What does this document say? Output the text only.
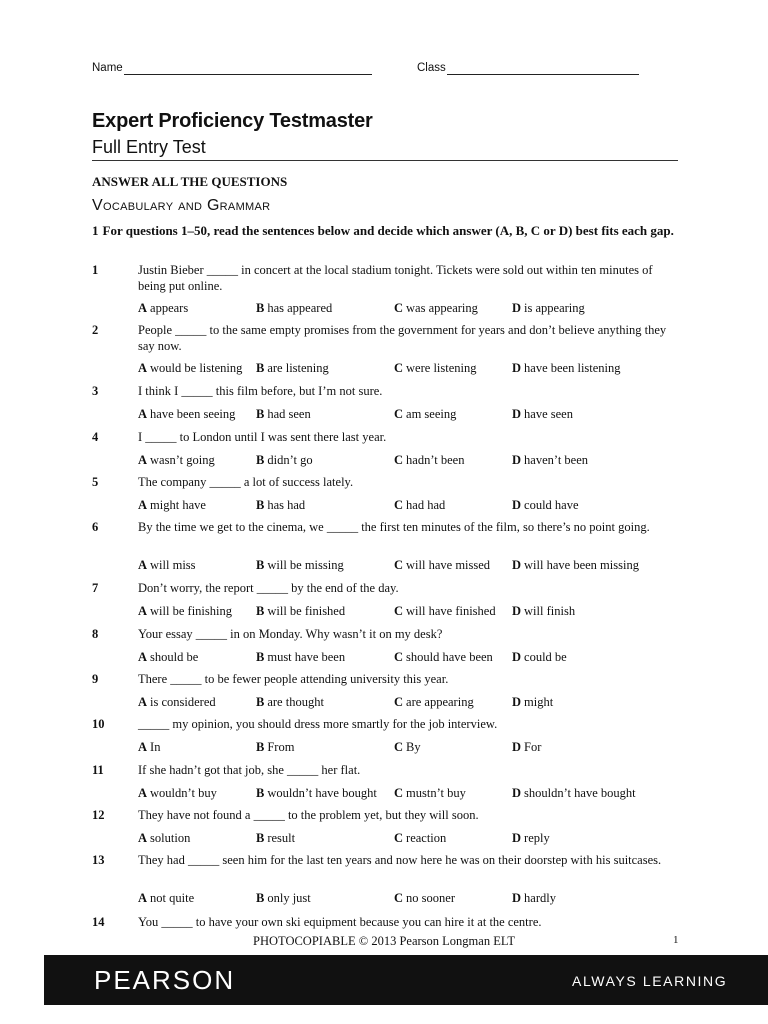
Name	Class
Expert Proficiency Testmaster
Full Entry Test
ANSWER ALL THE QUESTIONS
Vocabulary and Grammar
1 For questions 1–50, read the sentences below and decide which answer (A, B, C or D) best fits each gap.
1	Justin Bieber _____ in concert at the local stadium tonight. Tickets were sold out within ten minutes of being put online.
A appears	B has appeared	C was appearing	D is appearing
2	People _____ to the same empty promises from the government for years and don’t believe anything they say now.
A would be listening B are listening	C were listening	D have been listening
3	I think I _____ this film before, but I’m not sure.
A have been seeing B had seen	C am seeing	D have seen
4	I _____ to London until I was sent there last year.
A wasn’t going	B didn’t go	C hadn’t been	D haven’t been
5	The company _____ a lot of success lately.
A might have	B has had	C had had	D could have
6	By the time we get to the cinema, we _____ the first ten minutes of the film, so there’s no point going.
A will miss	B will be missing	C will have missed D will have been missing
7	Don’t worry, the report _____ by the end of the day.
A will be finishing B will be finished	C will have finished D will finish
8	Your essay _____ in on Monday. Why wasn’t it on my desk?
A should be	B must have been	C should have been D could be
9	There _____ to be fewer people attending university this year.
A is considered	B are thought	C are appearing	D might
10	_____ my opinion, you should dress more smartly for the job interview.
A In	B From	C By	D For
11	If she hadn’t got that job, she _____ her flat.
A wouldn’t buy	B wouldn’t have bought C mustn’t buy	D shouldn’t have bought
12	They have not found a _____ to the problem yet, but they will soon.
A solution	B result	C reaction	D reply
13	They had _____ seen him for the last ten years and now here he was on their doorstep with his suitcases.
A not quite	B only just	C no sooner	D hardly
14	You _____ to have your own ski equipment because you can hire it at the centre.
PHOTOCOPIABLE © 2013 Pearson Longman ELT	1
PEARSON	ALWAYS LEARNING
